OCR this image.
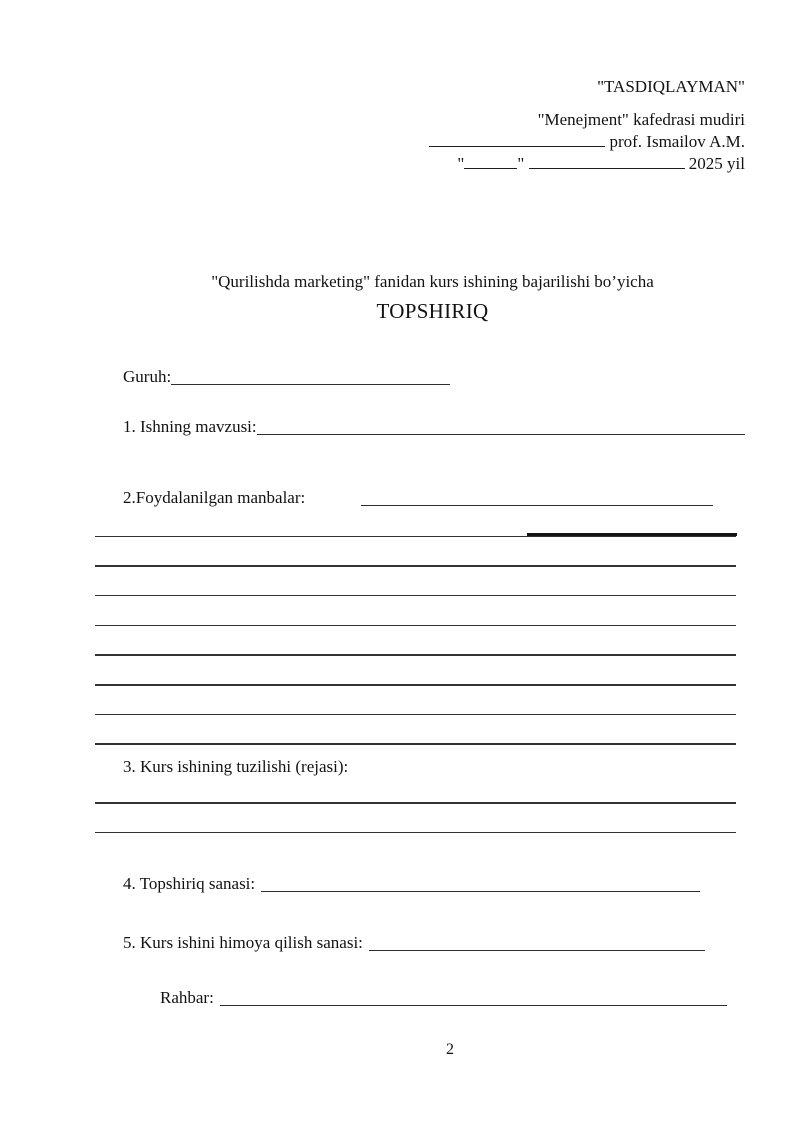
"TASDIQLAYMAN"
"Menejment" kafedrasi mudiri
prof. Ismailov A.M.
"	"	2025 yil
"Qurilishda marketing" fanidan kurs ishining bajarilishi bo’yicha
TOPSHIRIQ
Guruh:
1. Ishning mavzusi:
2.Foydalanilgan manbalar:
3. Kurs ishining tuzilishi (rejasi):
4. Topshiriq sanasi:
5. Kurs ishini himoya qilish sanasi:
Rahbar:
2
